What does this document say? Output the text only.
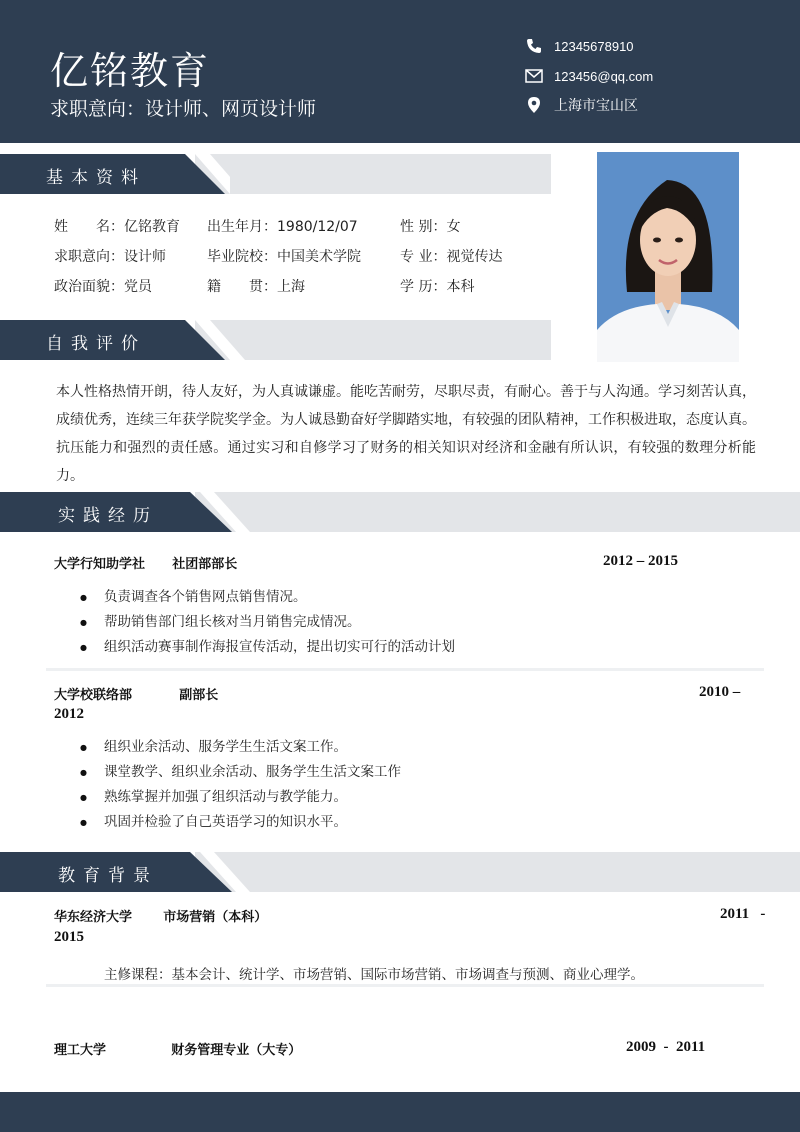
亿铭教育
求职意向：设计师、网页设计师
12345678910
123456@qq.com
上海市宝山区
基本资料
姓　　名：亿铭教育 出生年月：1980/12/07	性 别：女
求职意向：设计师	毕业院校：中国美术学院	专 业：视觉传达
政治面貌：党员	籍　　贯：上海	学 历：本科
自我评价
本人性格热情开朗，待人友好，为人真诚谦虚。能吃苦耐劳，尽职尽责，有耐心。善于与人沟通。学习刻苦认真，成绩优秀，连续三年获学院奖学金。为人诚恳勤奋好学脚踏实地，有较强的团队精神，工作积极进取，态度认真。抗压能力和强烈的责任感。通过实习和自修学习了财务的相关知识对经济和金融有所认识，有较强的数理分析能力。
实践经历
大学行知助学社 社团部部长	2012 – 2015
● 负责调查各个销售网点销售情况。
● 帮助销售部门组长核对当月销售完成情况。
● 组织活动赛事制作海报宣传活动，提出切实可行的活动计划
大学校联络部	副部长	2010 –
2012
● 组织业余活动、服务学生生活文案工作。
● 课堂教学、组织业余活动、服务学生生活文案工作
● 熟练掌握并加强了组织活动与教学能力。
● 巩固并检验了自己英语学习的知识水平。
教育背景
华东经济大学 市场营销（本科）	2011   -
2015
主修课程：基本会计、统计学、市场营销、国际市场营销、市场调查与预测、商业心理学。
理工大学	财务管理专业（大专）	2009  -  2011
